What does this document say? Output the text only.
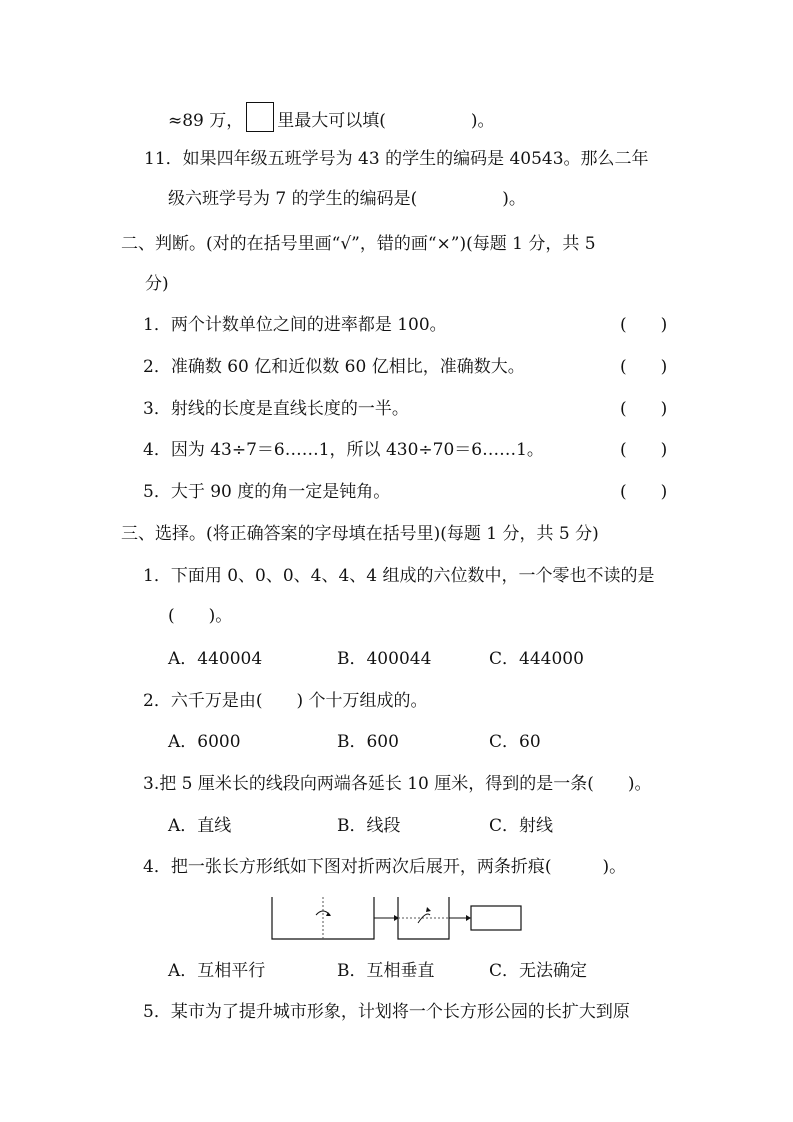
≈89 万， 里最大可以填(　　　　　)。
11．如果四年级五班学号为 43 的学生的编码是 40543。那么二年
级六班学号为 7 的学生的编码是(　　　　　)。
二、判断。(对的在括号里画“√”，错的画“×”)(每题 1 分，共 5
分)
1．两个计数单位之间的进率都是 100。	(　　)
2．准确数 60 亿和近似数 60 亿相比，准确数大。	(　　)
3．射线的长度是直线长度的一半。	(　　)
4．因为 43÷7＝6……1，所以 430÷70＝6……1。	(　　)
5．大于 90 度的角一定是钝角。	(　　)
三、选择。(将正确答案的字母填在括号里)(每题 1 分，共 5 分)
1．下面用 0、0、0、4、4、4 组成的六位数中，一个零也不读的是
(　　)。
A．440004	B．400044	C．444000
2．六千万是由(　　) 个十万组成的。
A．6000	B．600	C．60
3.把 5 厘米长的线段向两端各延长 10 厘米，得到的是一条(　　)。
A．直线	B．线段	C．射线
4．把一张长方形纸如下图对折两次后展开，两条折痕(　　　)。
A．互相平行	B．互相垂直	C．无法确定
5．某市为了提升城市形象，计划将一个长方形公园的长扩大到原
